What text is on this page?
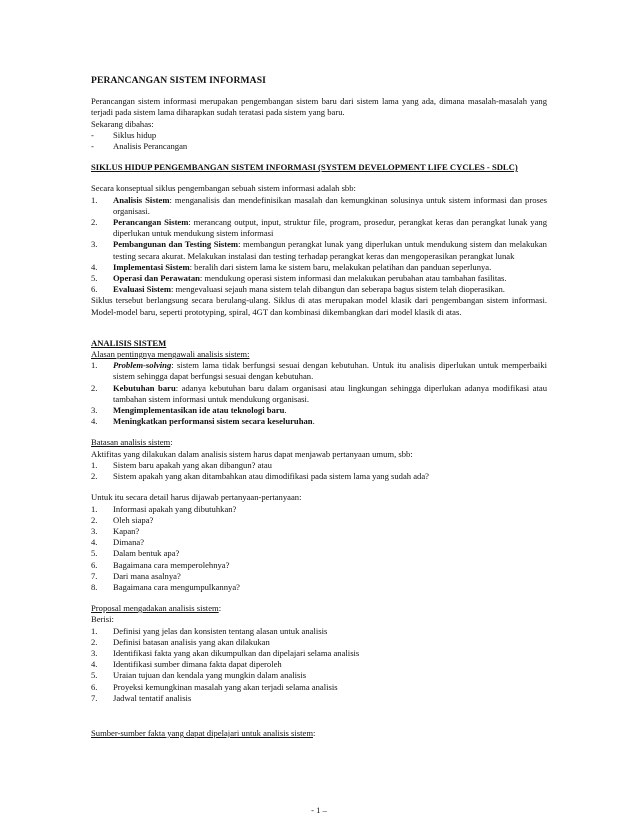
PERANCANGAN SISTEM INFORMASI

Perancangan sistem informasi merupakan pengembangan sistem baru dari sistem lama yang ada, dimana masalah-masalah yang terjadi pada sistem lama diharapkan sudah teratasi pada sistem yang baru.

Sekarang dibahas:

- Siklus hidup
- Analisis Perancangan

SIKLUS HIDUP PENGEMBANGAN SISTEM INFORMASI (SYSTEM DEVELOPMENT LIFE CYCLES - SDLC)

Secara konseptual siklus pengembangan sebuah sistem informasi adalah sbb:

1. Analisis Sistem: menganalisis dan mendefinisikan masalah dan kemungkinan solusinya untuk sistem informasi dan proses organisasi.
2. Perancangan Sistem: merancang output, input, struktur file, program, prosedur, perangkat keras dan perangkat lunak yang diperlukan untuk mendukung sistem informasi
3. Pembangunan dan Testing Sistem: membangun perangkat lunak yang diperlukan untuk mendukung sistem dan melakukan testing secara akurat. Melakukan instalasi dan testing terhadap perangkat keras dan mengoperasikan perangkat lunak
4. Implementasi Sistem: beralih dari sistem lama ke sistem baru, melakukan pelatihan dan panduan seperlunya.
5. Operasi dan Perawatan: mendukung operasi sistem informasi dan melakukan perubahan atau tambahan fasilitas.
6. Evaluasi Sistem: mengevaluasi sejauh mana sistem telah dibangun dan seberapa bagus sistem telah dioperasikan.

Siklus tersebut berlangsung secara berulang-ulang. Siklus di atas merupakan model klasik dari pengembangan sistem informasi. Model-model baru, seperti prototyping, spiral, 4GT dan kombinasi dikembangkan dari model klasik di atas.

ANALISIS SISTEM

Alasan pentingnya mengawali analisis sistem:

1. Problem-solving: sistem lama tidak berfungsi sesuai dengan kebutuhan. Untuk itu analisis diperlukan untuk memperbaiki sistem sehingga dapat berfungsi sesuai dengan kebutuhan.
2. Kebutuhan baru: adanya kebutuhan baru dalam organisasi atau lingkungan sehingga diperlukan adanya modifikasi atau tambahan sistem informasi untuk mendukung organisasi.
3. Mengimplementasikan ide atau teknologi baru.
4. Meningkatkan performansi sistem secara keseluruhan.

Batasan analisis sistem:

Aktifitas yang dilakukan dalam analisis sistem harus dapat menjawab pertanyaan umum, sbb:

1. Sistem baru apakah yang akan dibangun? atau
2. Sistem apakah yang akan ditambahkan atau dimodifikasi pada sistem lama yang sudah ada?

Untuk itu secara detail harus dijawab pertanyaan-pertanyaan:

1. Informasi apakah yang dibutuhkan?
2. Oleh siapa?
3. Kapan?
4. Dimana?
5. Dalam bentuk apa?
6. Bagaimana cara memperolehnya?
7. Dari mana asalnya?
8. Bagaimana cara mengumpulkannya?

Proposal mengadakan analisis sistem:

Berisi:

1. Definisi yang jelas dan konsisten tentang alasan untuk analisis
2. Definisi batasan analisis yang akan dilakukan
3. Identifikasi fakta yang akan dikumpulkan dan dipelajari selama analisis
4. Identifikasi sumber dimana fakta dapat diperoleh
5. Uraian tujuan dan kendala yang mungkin dalam analisis
6. Proyeksi kemungkinan masalah yang akan terjadi selama analisis
7. Jadwal tentatif analisis

Sumber-sumber fakta yang dapat dipelajari untuk analisis sistem:

- 1 –
